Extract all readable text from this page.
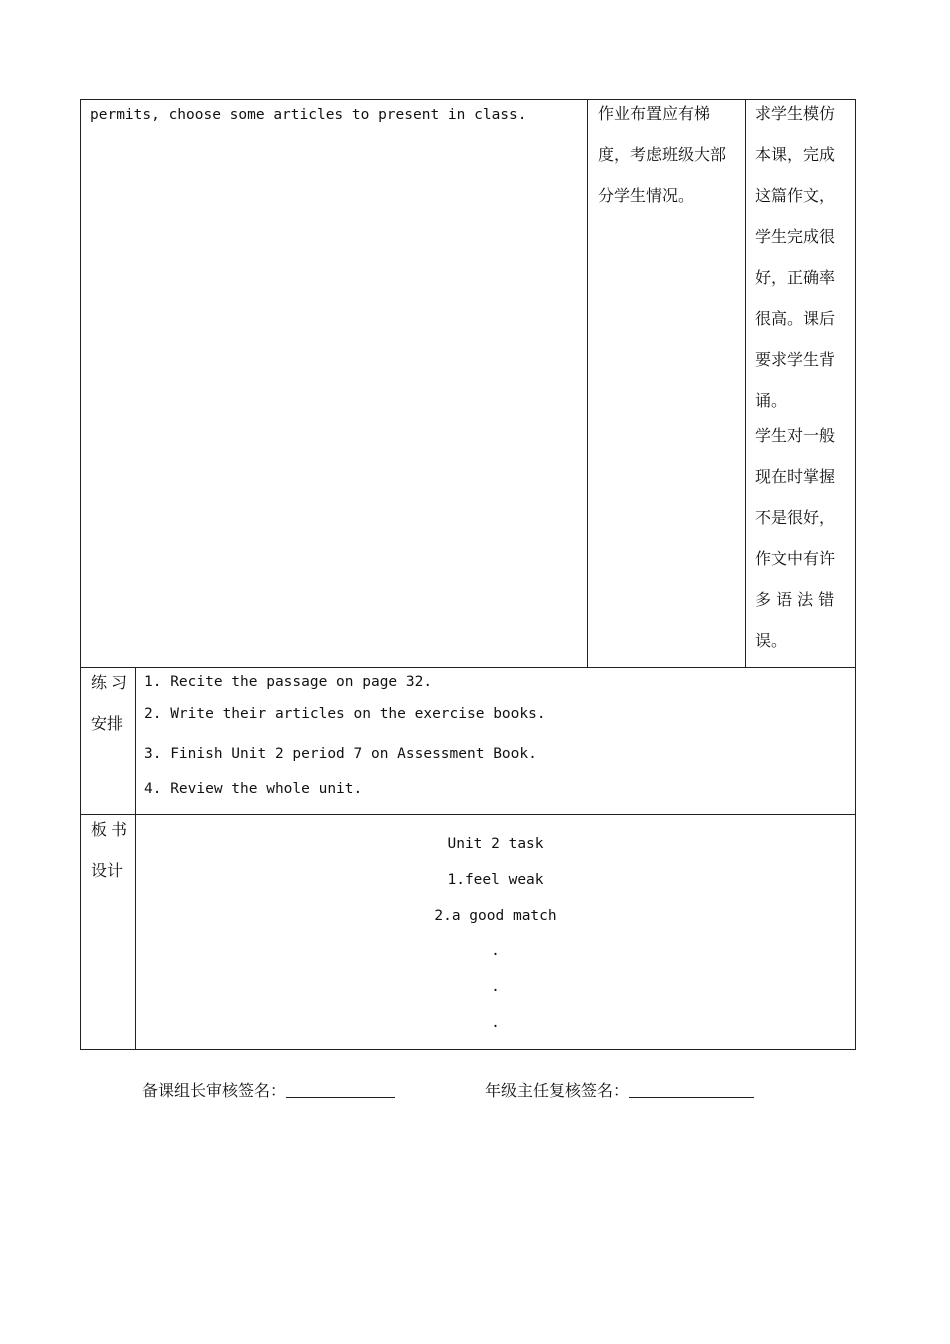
permits, choose some articles to present in class.	作业布置应有梯
度，考虑班级大部
分学生情况。
求学生模仿
本课，完成
这篇作文，
学生完成很
好，正确率
很高。课后
要求学生背
诵。
学生对一般
现在时掌握
不是很好，
作文中有许
多 语 法 错
误。
练 习
安排
1. Recite the passage on page 32.
2. Write their articles on the exercise books.
3. Finish Unit 2 period 7 on Assessment Book.
4. Review the whole unit.
板 书
设计
Unit 2 task
1.feel weak
2.a good match
.
.
.
备课组长审核签名：	年级主任复核签名：
